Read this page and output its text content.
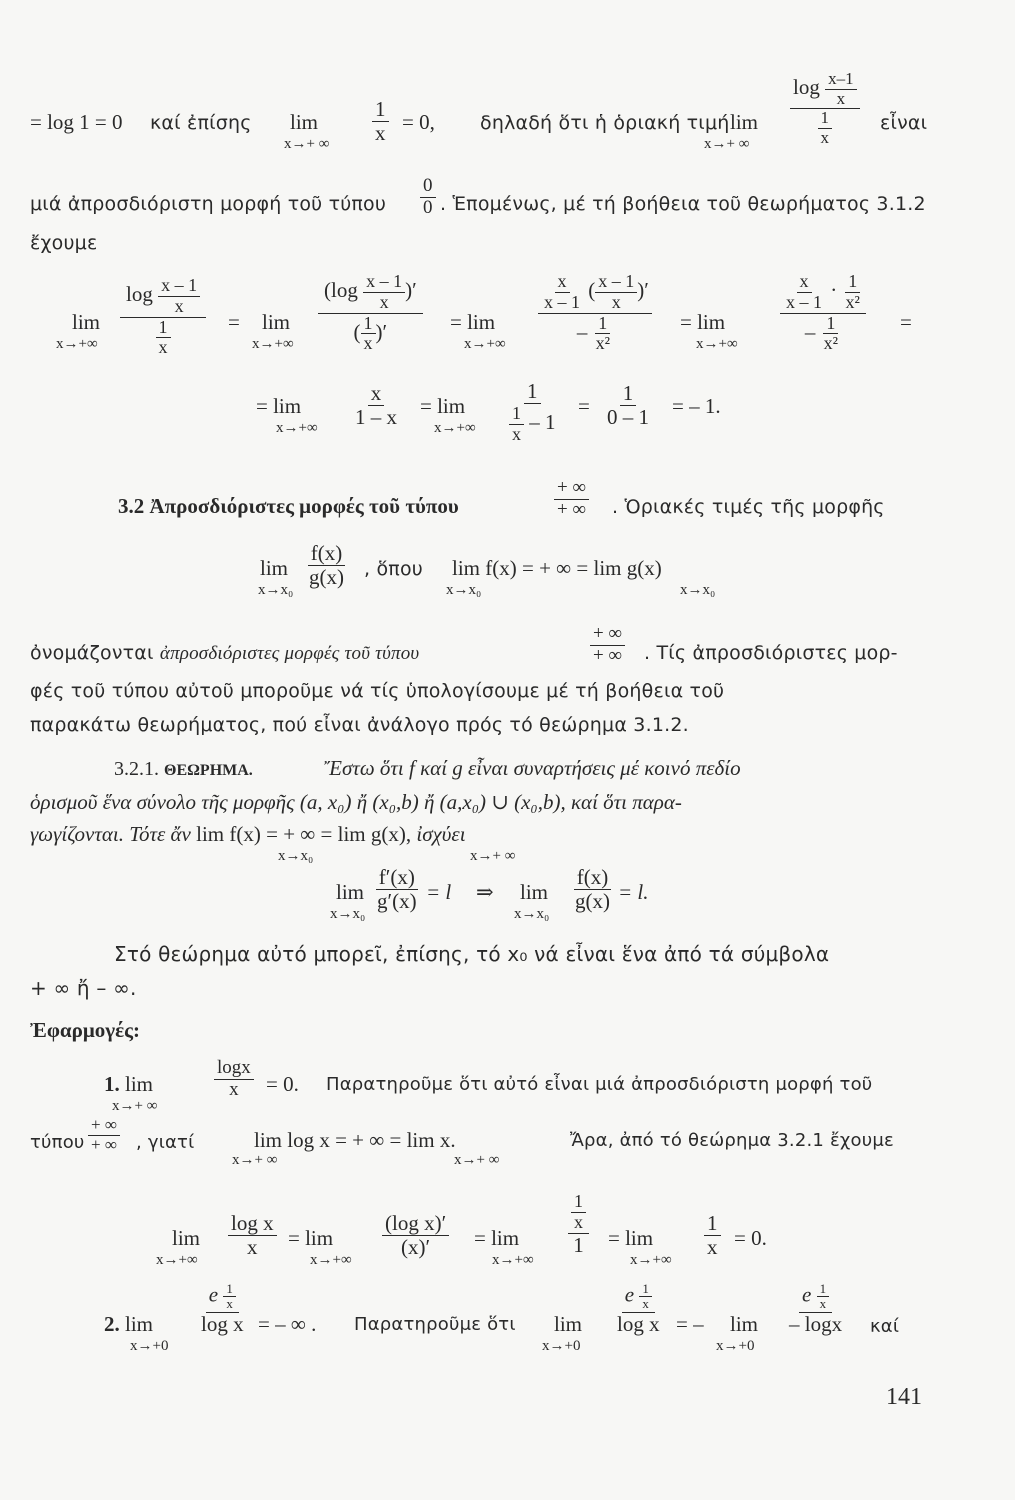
= log 1 = 0 καί ἐπίσης lim
x→+ ∞ $\frac{1}{x} = 0$, δηλαδή ὅτι ἡ ὁριακή τιμή lim
x→+ ∞ $\frac{\log \frac{x-1}{x}}{\frac{1}{x}}$ εἶναι
μιά ἀπροσδιόριστη μορφή τοῦ τύπου $\frac{0}{0}$ . Ἑπομένως, μέ τή βοήθεια τοῦ θεωρήματος 3.1.2
ἔχουμε
lim
$x\to+\infty \frac{\log \frac{x - 1}{x}}{\frac{1}{x}} = \lim$
$x\to+\infty \frac{(\log \frac{x - 1}{x} )'}{( \frac{1}{x} )'} = \lim$
$x\to+\infty \frac{\frac{x}{x - 1} ( \frac{x - 1}{x} )'}{- \frac{1}{\text{x²}}} = \lim$
$x\to+\infty \frac{\frac{x}{x - 1} \cdot \frac{1}{\text{x²}}}{- \frac{1}{\text{x²}}}$ =
= lim
$x\to+\infty \frac{x}{1 - x} = \lim$
$x\to+\infty \frac{1}{\frac{1}{x} - 1} = \frac{1}{0 - 1}$ = – 1.
3.2 Ἀπροσδιόριστες μορφές τοῦ τύπου	$\frac{+ \infty}{+ \infty}$ . Ὁριακές τιμές τῆς μορφῆς
lim
x→x₀
$\frac{f(x)}{g(x)}$ , ὅπου lim f(x) = + ∞ = lim g(x)
x→x₀	x→x₀
ὀνομάζονται ἀπροσδιόριστες μορφές τοῦ τύπου	$\frac{+ \infty}{+ \infty}$ . Τίς ἀπροσδιόριστες μορ-
φές τοῦ τύπου αὐτοῦ μποροῦμε νά τίς ὑπολογίσουμε μέ τή βοήθεια τοῦ
παρακάτω θεωρήματος, πού εἶναι ἀνάλογο πρός τό θεώρημα 3.1.2.
3.2.1. ΘΕΩΡΗΜΑ.	Ἔστω ὅτι f καί g εἶναι συναρτήσεις μέ κοινό πεδίο
ὁρισμοῦ ἕνα σύνολο τῆς μορφῆς (a, x₀) ἤ (x₀,b) ἤ (a,x₀) ∪ (x₀,b), καί ὅτι παρα-
γωγίζονται. Τότε ἄν lim f(x) = + ∞ = lim g(x), ἰσχύει
x→x₀	x→+ ∞
lim
x→x₀
$\frac{f'(x)}{g'(x)} = l$ ⇒ lim
x→x₀
$\frac{f(x)}{g(x)} = l$.
Στό θεώρημα αὐτό μπορεῖ, ἐπίσης, τό x₀ νά εἶναι ἕνα ἀπό τά σύμβολα
+ ∞ ἤ – ∞.
Ἐφαρμογές:
1. lim
x→+ ∞
$\frac{\log x}{x} = 0$. Παρατηροῦμε ὅτι αὐτό εἶναι μιά ἀπροσδιόριστη μορφή τοῦ
τύπου $\frac{+ \infty}{+ \infty}$ , γιατί	lim log x = + ∞ = lim x.
x→+ ∞	x→+ ∞
Ἄρα, ἀπό τό θεώρημα 3.2.1 ἔχουμε
lim
x→+∞
$\frac{\text{log x}}{x} = \lim$
x→+∞
$\frac{\text{(log x)′}}{(x)'} = \lim$
x→+∞
$\frac{\frac{1}{x}}{1} = \lim$
x→+∞
$\frac{1}{x} = 0$.
2. lim
x→+0
$\frac{e \frac{1}{x}}{\text{log x}}$ = – ∞ . Παρατηροῦμε ὅτι lim
x→+0
$\frac{e \frac{1}{x}}{\text{log x}}$ = – lim
x→+0
$\frac{e \frac{1}{x}}{- \log x}$ καί
141
